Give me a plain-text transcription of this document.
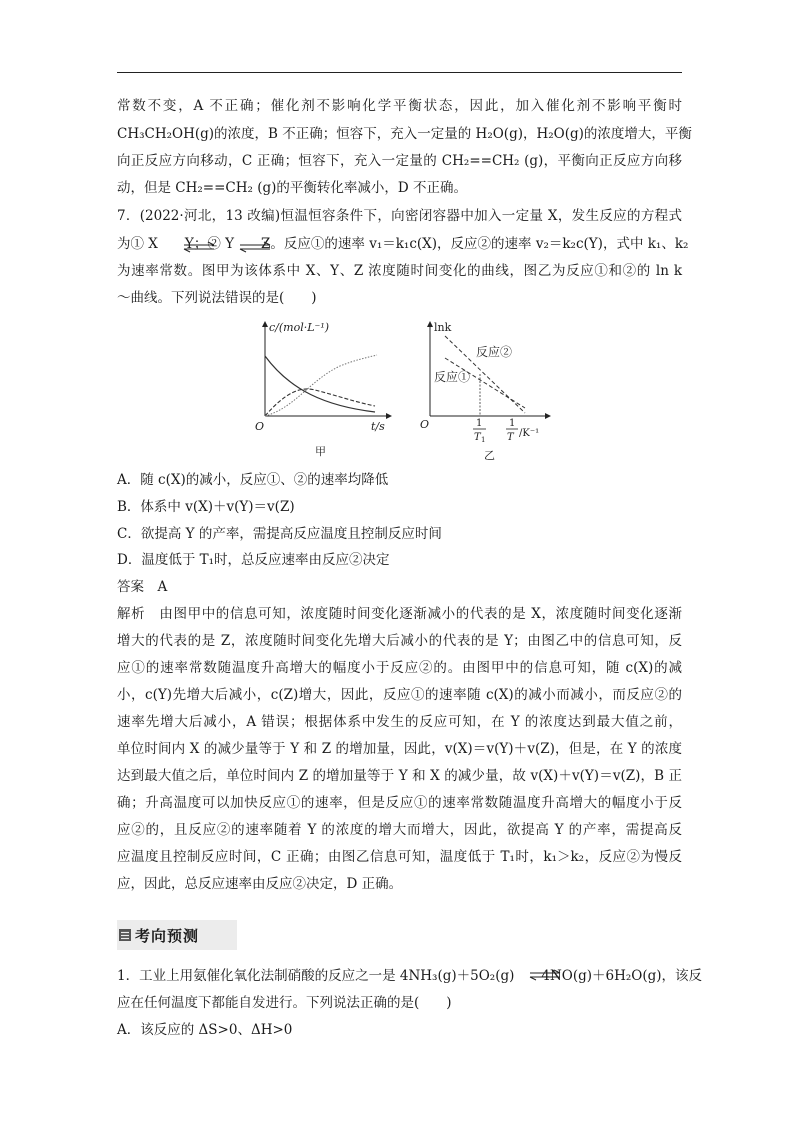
常数不变，A 不正确；催化剂不影响化学平衡状态，因此，加入催化剂不影响平衡时
CH₃CH₂OH(g)的浓度，B 不正确；恒容下，充入一定量的 H₂O(g)，H₂O(g)的浓度增大，平衡
向正反应方向移动，C 正确；恒容下，充入一定量的 CH₂==CH₂ (g)，平衡向正反应方向移
动，但是 CH₂==CH₂ (g)的平衡转化率减小，D 不正确。
7．(2022·河北，13 改编)恒温恒容条件下，向密闭容器中加入一定量 X，发生反应的方程式
为① X　　Y；② Y　　Z。反应①的速率 v₁＝k₁c(X)，反应②的速率 v₂＝k₂c(Y)，式中 k₁、k₂
为速率常数。图甲为该体系中 X、Y、Z 浓度随时间变化的曲线，图乙为反应①和②的 ln k
～曲线。下列说法错误的是(　　)
c/(mol·L⁻¹)
t/s
O
甲
lnk
反应②
反应①
O	1
T 1
1
T /K⁻¹
乙
A．随 c(X)的减小，反应①、②的速率均降低
B．体系中 v(X)＋v(Y)＝v(Z)
C．欲提高 Y 的产率，需提高反应温度且控制反应时间
D．温度低于 T₁时，总反应速率由反应②决定
答案　A
解析　由图甲中的信息可知，浓度随时间变化逐渐减小的代表的是 X，浓度随时间变化逐渐
增大的代表的是 Z，浓度随时间变化先增大后减小的代表的是 Y；由图乙中的信息可知，反
应①的速率常数随温度升高增大的幅度小于反应②的。由图甲中的信息可知，随 c(X)的减
小，c(Y)先增大后减小，c(Z)增大，因此，反应①的速率随 c(X)的减小而减小，而反应②的
速率先增大后减小，A 错误；根据体系中发生的反应可知，在 Y 的浓度达到最大值之前，
单位时间内 X 的减少量等于 Y 和 Z 的增加量，因此，v(X)＝v(Y)＋v(Z)，但是，在 Y 的浓度
达到最大值之后，单位时间内 Z 的增加量等于 Y 和 X 的减少量，故 v(X)＋v(Y)＝v(Z)，B 正
确；升高温度可以加快反应①的速率，但是反应①的速率常数随温度升高增大的幅度小于反
应②的，且反应②的速率随着 Y 的浓度的增大而增大，因此，欲提高 Y 的产率，需提高反
应温度且控制反应时间，C 正确；由图乙信息可知，温度低于 T₁时，k₁＞k₂，反应②为慢反
应，因此，总反应速率由反应②决定，D 正确。
考向预测
1．工业上用氨催化氧化法制硝酸的反应之一是 4NH₃(g)＋5O₂(g)　　4NO(g)＋6H₂O(g)，该反
应在任何温度下都能自发进行。下列说法正确的是(　　)
A．该反应的 ΔS>0、ΔH>0
